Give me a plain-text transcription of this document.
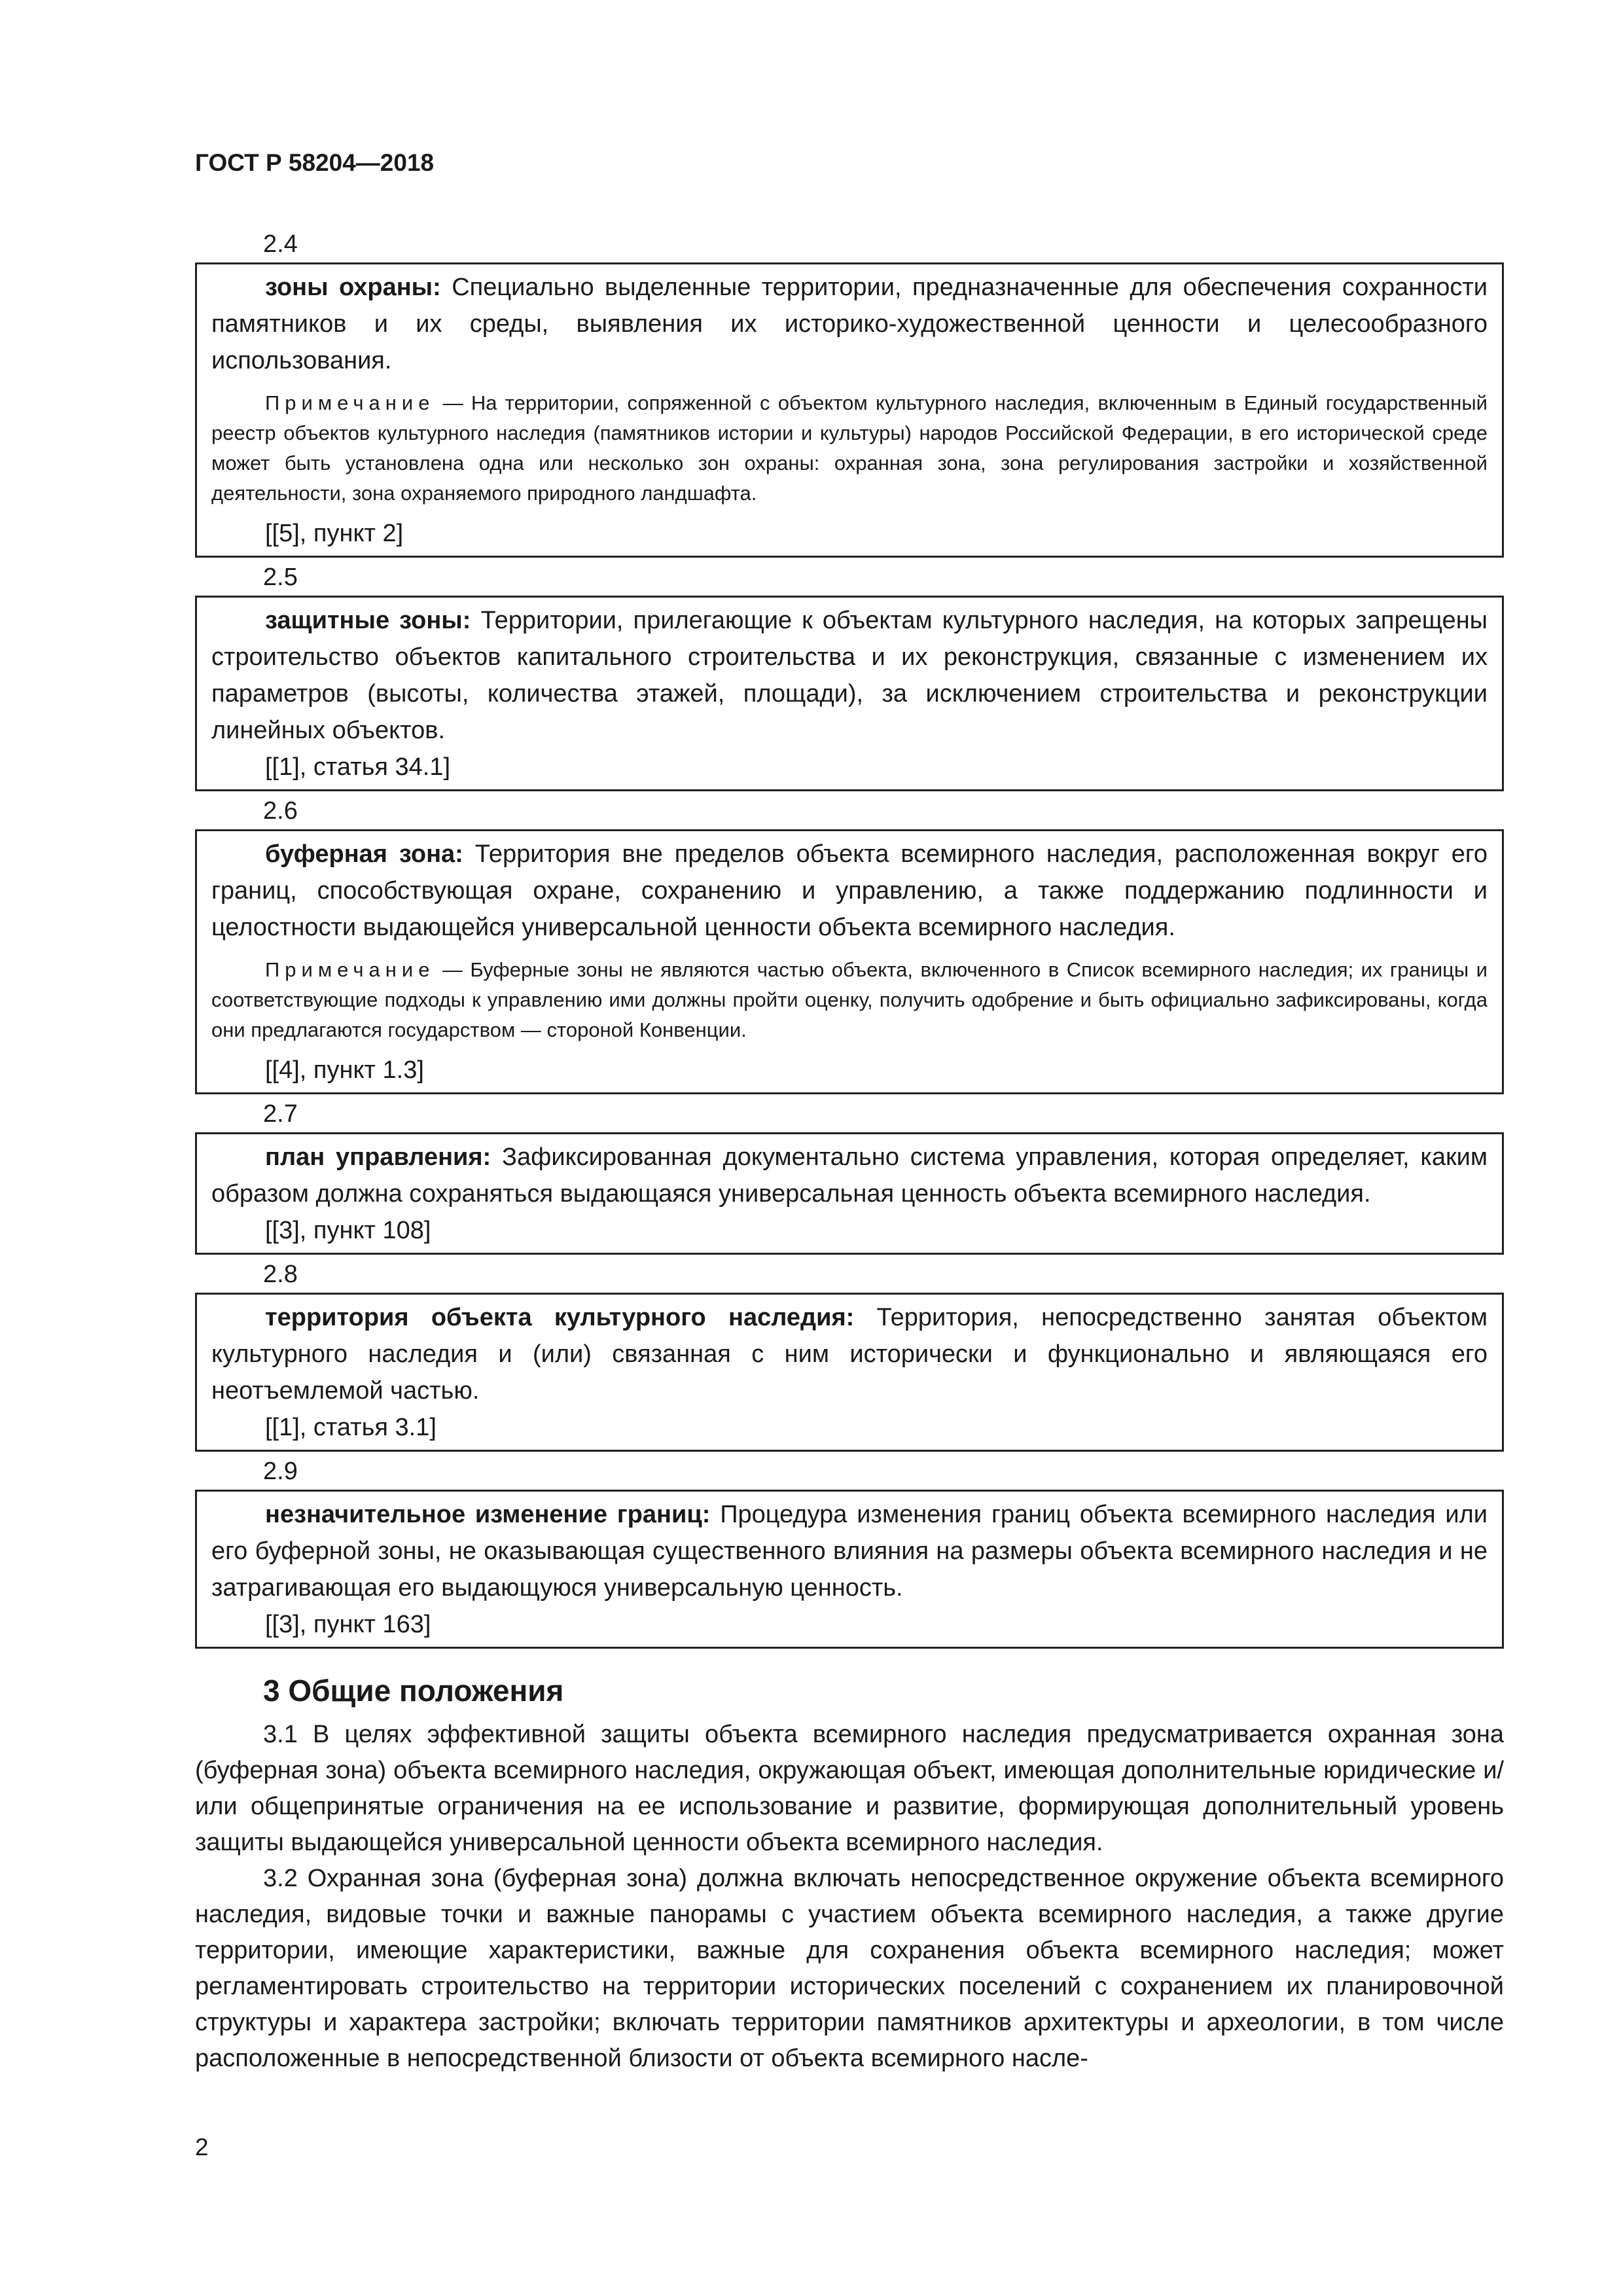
ГОСТ Р 58204—2018
2.4

зоны охраны: Специально выделенные территории, предназначенные для обеспечения сохранности памятников и их среды, выявления их историко-художественной ценности и целесообразного использования.

Примечание — На территории, сопряженной с объектом культурного наследия, включенным в Единый государственный реестр объектов культурного наследия (памятников истории и культуры) народов Российской Федерации, в его исторической среде может быть установлена одна или несколько зон охраны: охранная зона, зона регулирования застройки и хозяйственной деятельности, зона охраняемого природного ландшафта.

[[5], пункт 2]

2.5

защитные зоны: Территории, прилегающие к объектам культурного наследия, на которых запрещены строительство объектов капитального строительства и их реконструкция, связанные с изменением их параметров (высоты, количества этажей, площади), за исключением строительства и реконструкции линейных объектов.

[[1], статья 34.1]

2.6

буферная зона: Территория вне пределов объекта всемирного наследия, расположенная вокруг его границ, способствующая охране, сохранению и управлению, а также поддержанию подлинности и целостности выдающейся универсальной ценности объекта всемирного наследия.

Примечание — Буферные зоны не являются частью объекта, включенного в Список всемирного наследия; их границы и соответствующие подходы к управлению ими должны пройти оценку, получить одобрение и быть официально зафиксированы, когда они предлагаются государством — стороной Конвенции.

[[4], пункт 1.3]

2.7

план управления: Зафиксированная документально система управления, которая определяет, каким образом должна сохраняться выдающаяся универсальная ценность объекта всемирного наследия.

[[3], пункт 108]

2.8

территория объекта культурного наследия: Территория, непосредственно занятая объектом культурного наследия и (или) связанная с ним исторически и функционально и являющаяся его неотъемлемой частью.

[[1], статья 3.1]

2.9

незначительное изменение границ: Процедура изменения границ объекта всемирного наследия или его буферной зоны, не оказывающая существенного влияния на размеры объекта всемирного наследия и не затрагивающая его выдающуюся универсальную ценность.

[[3], пункт 163]

3 Общие положения

3.1 В целях эффективной защиты объекта всемирного наследия предусматривается охранная зона (буферная зона) объекта всемирного наследия, окружающая объект, имеющая дополнительные юридические и/или общепринятые ограничения на ее использование и развитие, формирующая дополнительный уровень защиты выдающейся универсальной ценности объекта всемирного наследия.

3.2 Охранная зона (буферная зона) должна включать непосредственное окружение объекта всемирного наследия, видовые точки и важные панорамы с участием объекта всемирного наследия, а также другие территории, имеющие характеристики, важные для сохранения объекта всемирного наследия; может регламентировать строительство на территории исторических поселений с сохранением их планировочной структуры и характера застройки; включать территории памятников архитектуры и археологии, в том числе расположенные в непосредственной близости от объекта всемирного насле-

2
